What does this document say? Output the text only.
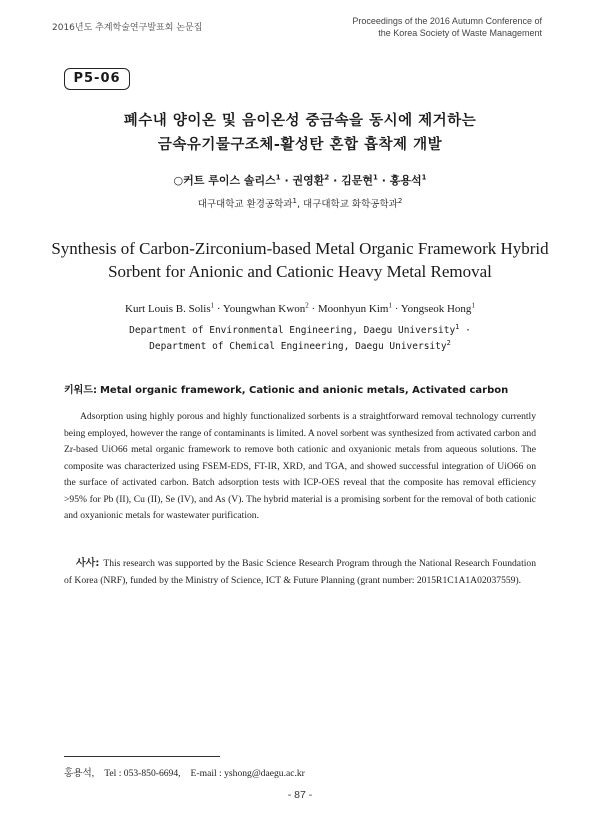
2016년도 추계학술연구발표회 논문집
Proceedings of the 2016 Autumn Conference of
the Korea Society of Waste Management
P5-06
폐수내 양이온 및 음이온성 중금속을 동시에 제거하는
금속유기물구조체-활성탄 혼합 흡착제 개발
○커트 루이스 솔리스$^1$ · 권영환$^2$ · 김문현$^1$ · 홍용석$^1$
대구대학교 환경공학과$^1$, 대구대학교 화학공학과$^2$
Synthesis of Carbon-Zirconium-based Metal Organic Framework Hybrid
Sorbent for Anionic and Cationic Heavy Metal Removal
Kurt Louis B. Solis$^1$ · Youngwhan Kwon$^2$ · Moonhyun Kim$^1$ · Yongseok Hong$^1$
Department of Environmental Engineering, Daegu University$^1$ ·
Department of Chemical Engineering, Daegu University$^2$
키워드: Metal organic framework, Cationic and anionic metals, Activated carbon
Adsorption using highly porous and highly functionalized sorbents is a straightforward removal technology currently being employed, however the range of contaminants is limited. A novel sorbent was synthesized from activated carbon and Zr-based UiO66 metal organic framework to remove both cationic and oxyanionic metals from aqueous solutions. The composite was characterized using FSEM-EDS, FT-IR, XRD, and TGA, and showed successful integration of UiO66 on the surface of activated carbon. Batch adsorption tests with ICP-OES reveal that the composite has removal efficiency >95% for Pb (II), Cu (II), Se (IV), and As (V). The hybrid material is a promising sorbent for the removal of both cationic and oxyanionic metals for wastewater purification.
사사: This research was supported by the Basic Science Research Program through the National Research Foundation of Korea (NRF), funded by the Ministry of Science, ICT & Future Planning (grant number: 2015R1C1A1A02037559).
홍용석, Tel : 053-850-6694, E-mail : yshong@daegu.ac.kr
- 87 -
